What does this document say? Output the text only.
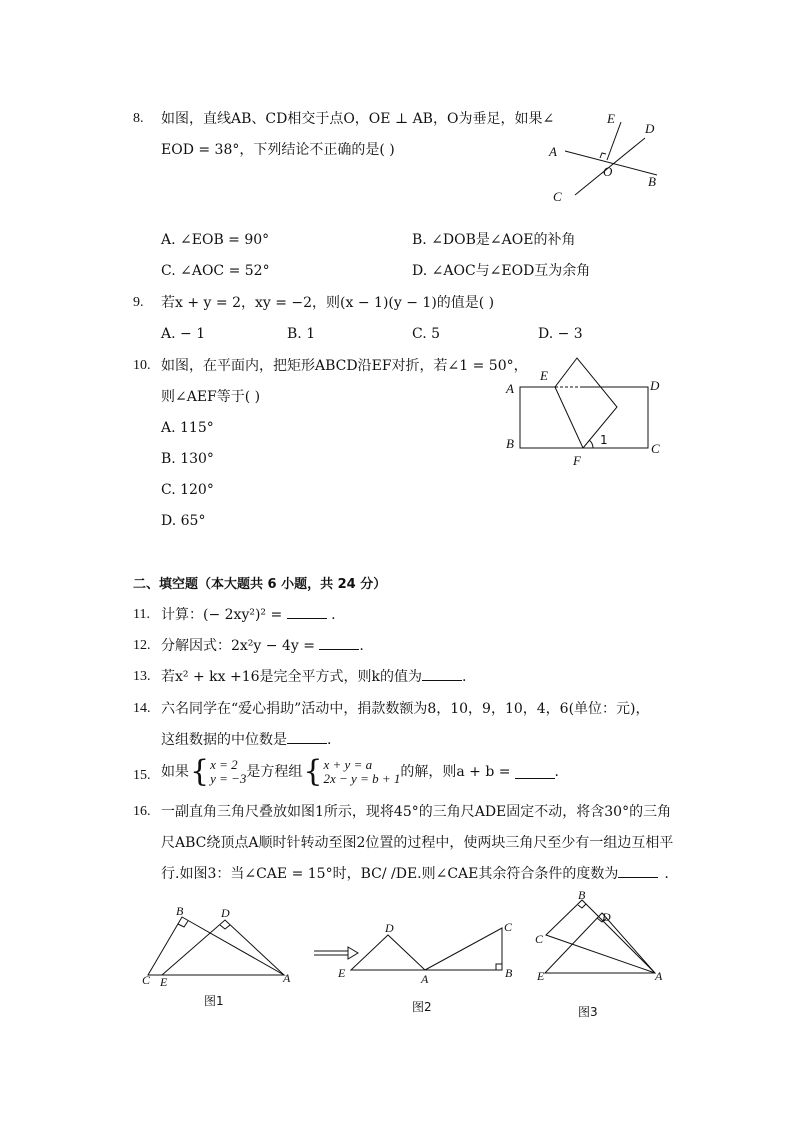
8. 如图，直线AB、CD相交于点O，OE ⊥ AB，O为垂足，如果∠
EOD = 38°，下列结论不正确的是( )
E
D
A
O
B
C
A. ∠EOB = 90°	B. ∠DOB是∠AOE的补角
C. ∠AOC = 52°	D. ∠AOC与∠EOD互为余角
9. 若x + y = 2，xy = −2，则(x − 1)(y − 1)的值是( )
A. − 1	B. 1	C. 5	D. − 3
10. 如图，在平面内，把矩形ABCD沿EF对折，若∠1 = 50°，
则∠AEF等于( )
A. 115°
B. 130°
C. 120°
D. 65°
A
E
D
B
F
C
1
二、填空题（本大题共 6 小题，共 24 分）
11. 计算：(− 2xy²)² =	.
12. 分解因式：2x²y − 4y =	.
13. 若x² + kx +16是完全平方式，则k的值为	.
14. 六名同学在“爱心捐助”活动中，捐款数额为8，10，9，10，4，6(单位：元)，
这组数据的中位数是	.
15. 如果 { x = 2
y = −3 是方程组 { x + y = a
2x − y = b + 1 的解，则a + b =	.
16. 一副直角三角尺叠放如图1所示，现将45°的三角尺ADE固定不动，将含30°的三角
尺ABC绕顶点A顺时针转动至图2位置的过程中，使两块三角尺至少有一组边互相平
行.如图3：当∠CAE = 15°时，BC/ /DE.则∠CAE其余符合条件的度数为	.
B	D
C E	A
图1
D
E	A
C
B
图2
B
D
C
E	A
图3
